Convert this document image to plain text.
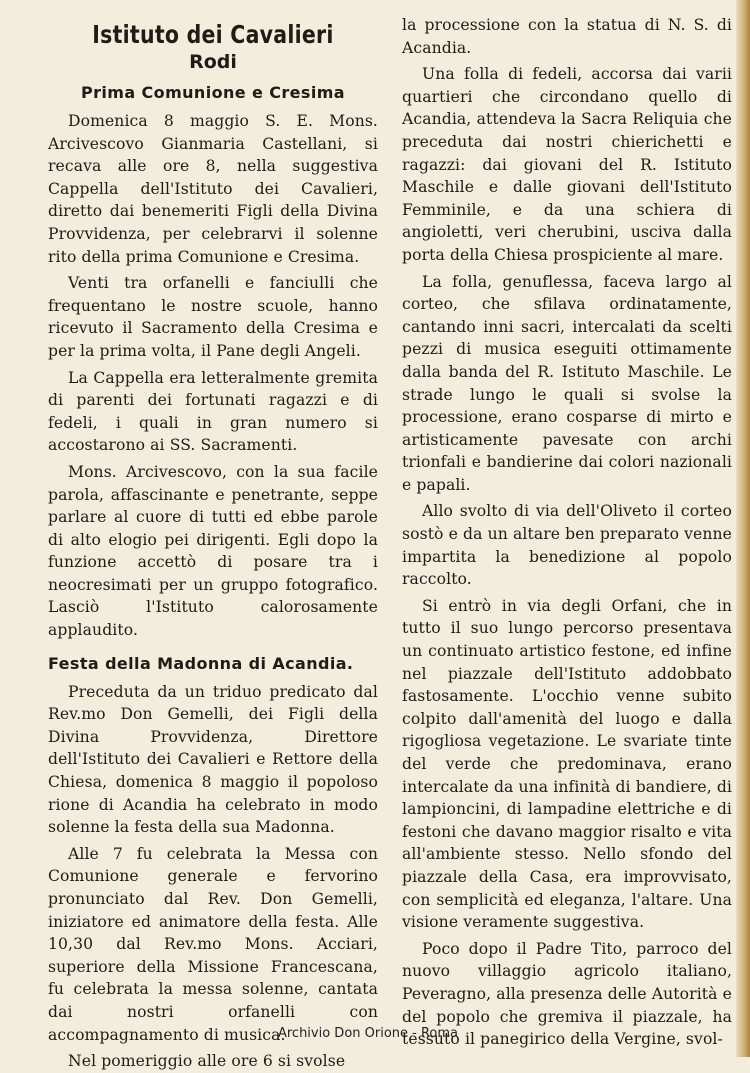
Istituto dei Cavalieri
Rodi
Prima Comunione e Cresima

Domenica 8 maggio S. E. Mons. Arcivescovo Gianmaria Castellani, si recava alle ore 8, nella suggestiva Cappella dell'Istituto dei Cavalieri, diretto dai benemeriti Figli della Divina Provvidenza, per celebrarvi il solenne rito della prima Comunione e Cresima.

Venti tra orfanelli e fanciulli che frequentano le nostre scuole, hanno ricevuto il Sacramento della Cresima e per la prima volta, il Pane degli Angeli.

La Cappella era letteralmente gremita di parenti dei fortunati ragazzi e di fedeli, i quali in gran numero si accostarono ai SS. Sacramenti.

Mons. Arcivescovo, con la sua facile parola, affascinante e penetrante, seppe parlare al cuore di tutti ed ebbe parole di alto elogio pei dirigenti. Egli dopo la funzione accettò di posare tra i neocresimati per un gruppo fotografico. Lasciò l'Istituto calorosamente applaudito.

Festa della Madonna di Acandia.

Preceduta da un triduo predicato dal Rev.mo Don Gemelli, dei Figli della Divina Provvidenza, Direttore dell'Istituto dei Cavalieri e Rettore della Chiesa, domenica 8 maggio il popoloso rione di Acandia ha celebrato in modo solenne la festa della sua Madonna.

Alle 7 fu celebrata la Messa con Comunione generale e fervorino pronunciato dal Rev. Don Gemelli, iniziatore ed animatore della festa. Alle 10,30 dal Rev.mo Mons. Acciari, superiore della Missione Francescana, fu celebrata la messa solenne, cantata dai nostri orfanelli con accompagnamento di musica.

Nel pomeriggio alle ore 6 si svolse

la processione con la statua di N. S. di Acandia.

Una folla di fedeli, accorsa dai varii quartieri che circondano quello di Acandia, attendeva la Sacra Reliquia che preceduta dai nostri chierichetti e ragazzi: dai giovani del R. Istituto Maschile e dalle giovani dell'Istituto Femminile, e da una schiera di angioletti, veri cherubini, usciva dalla porta della Chiesa prospiciente al mare.

La folla, genuflessa, faceva largo al corteo, che sfilava ordinatamente, cantando inni sacri, intercalati da scelti pezzi di musica eseguiti ottimamente dalla banda del R. Istituto Maschile. Le strade lungo le quali si svolse la processione, erano cosparse di mirto e artisticamente pavesate con archi trionfali e bandierine dai colori nazionali e papali.

Allo svolto di via dell'Oliveto il corteo sostò e da un altare ben preparato venne impartita la benedizione al popolo raccolto.

Si entrò in via degli Orfani, che in tutto il suo lungo percorso presentava un continuato artistico festone, ed infine nel piazzale dell'Istituto addobbato fastosamente. L'occhio venne subito colpito dall'amenità del luogo e dalla rigogliosa vegetazione. Le svariate tinte del verde che predominava, erano intercalate da una infinità di bandiere, di lampioncini, di lampadine elettriche e di festoni che davano maggior risalto e vita all'ambiente stesso. Nello sfondo del piazzale della Casa, era improvvisato, con semplicità ed eleganza, l'altare. Una visione veramente suggestiva.

Poco dopo il Padre Tito, parroco del nuovo villaggio agricolo italiano, Peveragno, alla presenza delle Autorità e del popolo che gremiva il piazzale, ha tessuto il panegirico della Vergine, svol-

Archivio Don Orione - Roma
